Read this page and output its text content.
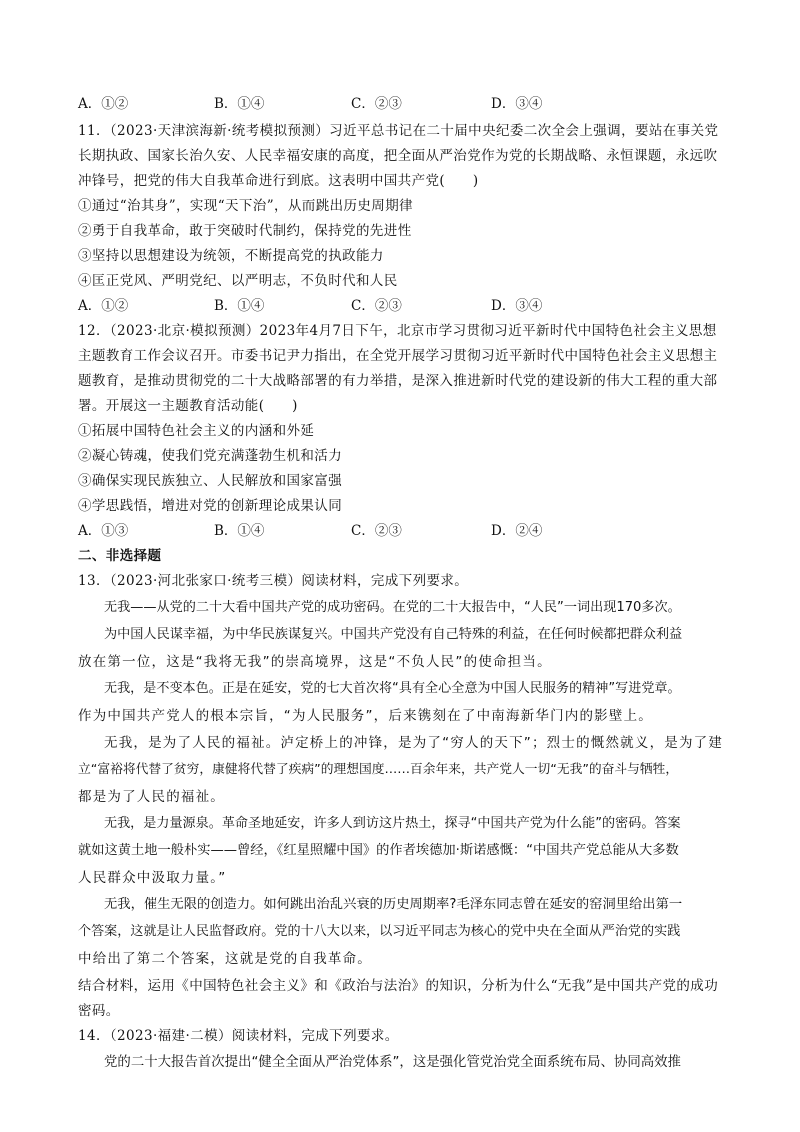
A．①②	B．①④	C．②③	D．③④
11．（2023·天津滨海新·统考模拟预测）习近平总书记在二十届中央纪委二次全会上强调，要站在事关党
长期执政、国家长治久安、人民幸福安康的高度，把全面从严治党作为党的长期战略、永恒课题，永远吹
冲锋号，把党的伟大自我革命进行到底。这表明中国共产党(　　)
①通过“治其身”，实现“天下治”，从而跳出历史周期律
②勇于自我革命，敢于突破时代制约，保持党的先进性
③坚持以思想建设为统领，不断提高党的执政能力
④匡正党风、严明党纪、以严明志，不负时代和人民
A．①②	B．①④	C．②③	D．③④
12．（2023·北京·模拟预测）2023年4月7日下午，北京市学习贯彻习近平新时代中国特色社会主义思想
主题教育工作会议召开。市委书记尹力指出，在全党开展学习贯彻习近平新时代中国特色社会主义思想主
题教育，是推动贯彻党的二十大战略部署的有力举措，是深入推进新时代党的建设新的伟大工程的重大部
署。开展这一主题教育活动能(　　)
①拓展中国特色社会主义的内涵和外延
②凝心铸魂，使我们党充满蓬勃生机和活力
③确保实现民族独立、人民解放和国家富强
④学思践悟，增进对党的创新理论成果认同
A．①③	B．①④	C．②③	D．②④
二、非选择题
13．（2023·河北张家口·统考三模）阅读材料，完成下列要求。
无我——从党的二十大看中国共产党的成功密码。在党的二十大报告中，“人民”一词出现170多次。
为中国人民谋幸福，为中华民族谋复兴。中国共产党没有自己特殊的利益，在任何时候都把群众利益
放在第一位，这是“我将无我”的崇高境界，这是“不负人民”的使命担当。
无我，是不变本色。正是在延安，党的七大首次将“具有全心全意为中国人民服务的精神”写进党章。
作为中国共产党人的根本宗旨，“为人民服务”，后来镌刻在了中南海新华门内的影壁上。
无我，是为了人民的福祉。泸定桥上的冲锋，是为了“穷人的天下”；烈士的慨然就义，是为了建
立“富裕将代替了贫穷，康健将代替了疾病”的理想国度……百余年来，共产党人一切“无我”的奋斗与牺牲，
都是为了人民的福祉。
无我，是力量源泉。革命圣地延安，许多人到访这片热土，探寻“中国共产党为什么能”的密码。答案
就如这黄土地一般朴实——曾经，《红星照耀中国》的作者埃德加·斯诺感慨：“中国共产党总能从大多数
人民群众中汲取力量。”
无我，催生无限的创造力。如何跳出治乱兴衰的历史周期率?毛泽东同志曾在延安的窑洞里给出第一
个答案，这就是让人民监督政府。党的十八大以来，以习近平同志为核心的党中央在全面从严治党的实践
中给出了第二个答案，这就是党的自我革命。
结合材料，运用《中国特色社会主义》和《政治与法治》的知识，分析为什么“无我”是中国共产党的成功
密码。
14．（2023·福建·二模）阅读材料，完成下列要求。
党的二十大报告首次提出“健全全面从严治党体系”，这是强化管党治党全面系统布局、协同高效推
